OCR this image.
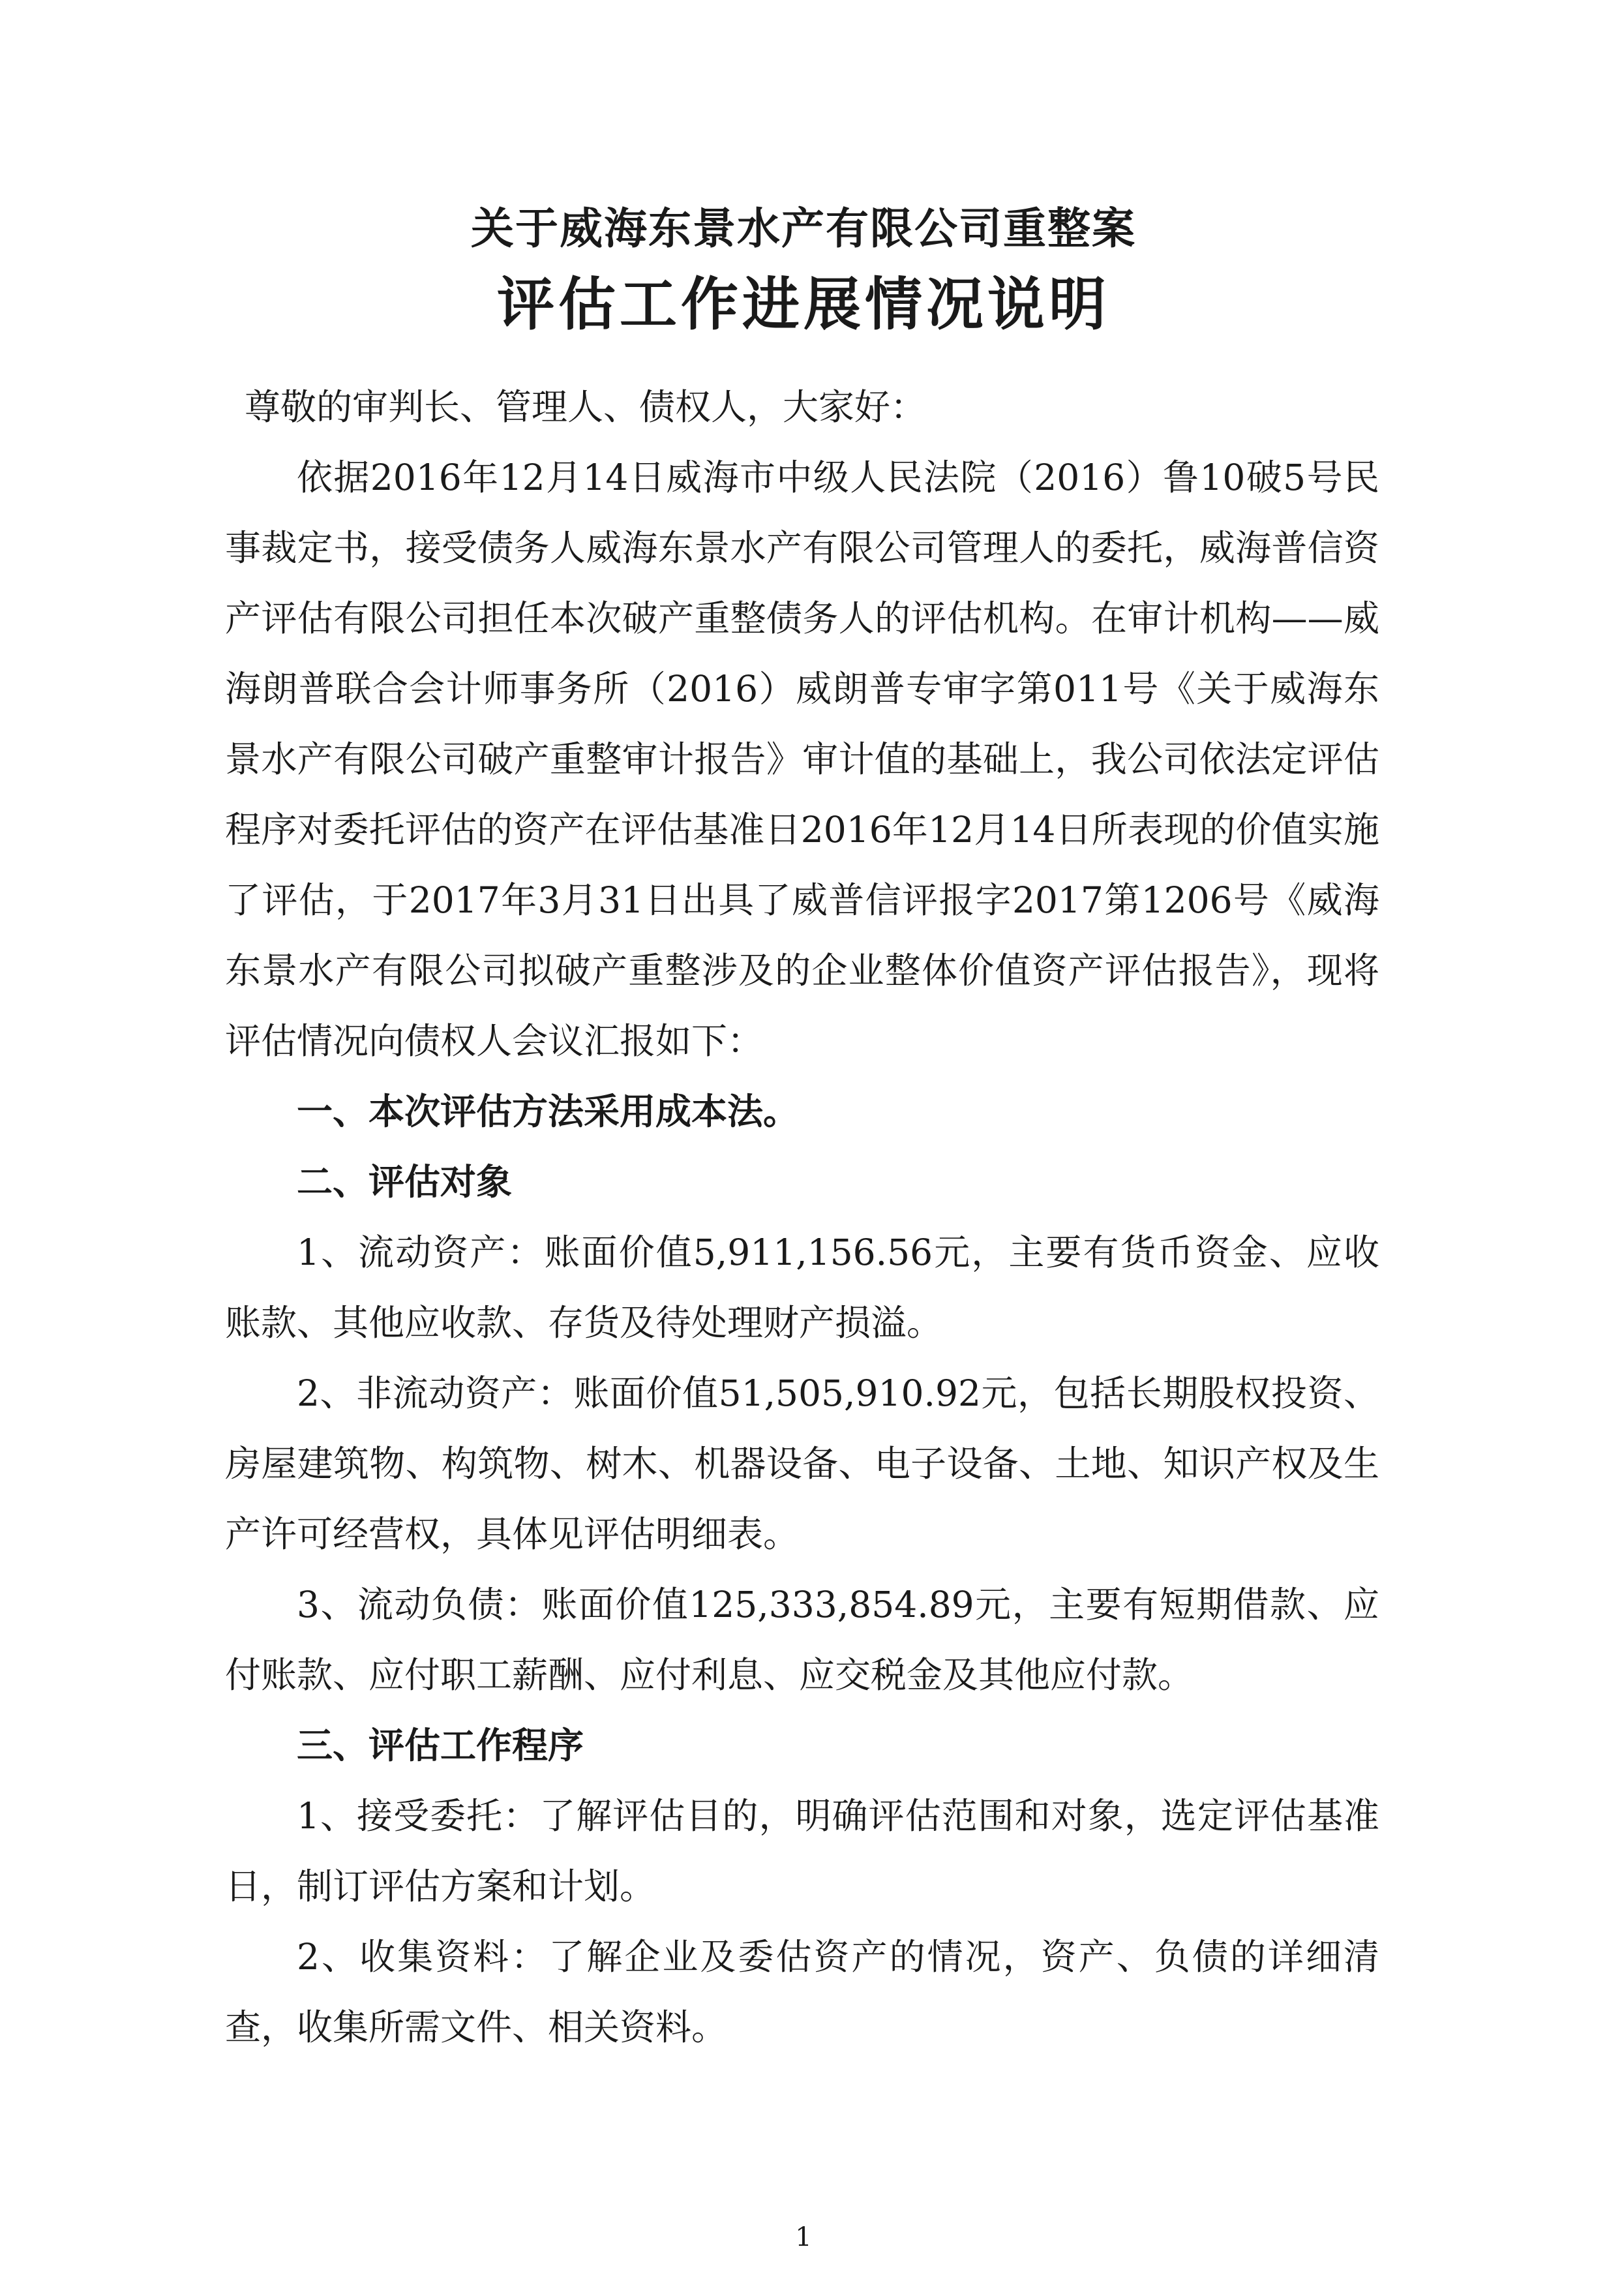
关于威海东景水产有限公司重整案
评估工作进展情况说明

尊敬的审判长、管理人、债权人，大家好：

依据2016年12月14日威海市中级人民法院（2016）鲁10破5号民事裁定书，接受债务人威海东景水产有限公司管理人的委托，威海普信资产评估有限公司担任本次破产重整债务人的评估机构。在审计机构——威海朗普联合会计师事务所（2016）威朗普专审字第011号《关于威海东景水产有限公司破产重整审计报告》审计值的基础上，我公司依法定评估程序对委托评估的资产在评估基准日2016年12月14日所表现的价值实施了评估，于2017年3月31日出具了威普信评报字2017第1206号《威海东景水产有限公司拟破产重整涉及的企业整体价值资产评估报告》，现将评估情况向债权人会议汇报如下：

一、本次评估方法采用成本法。

二、评估对象

1、流动资产：账面价值5,911,156.56元，主要有货币资金、应收账款、其他应收款、存货及待处理财产损溢。

2、非流动资产：账面价值51,505,910.92元，包括长期股权投资、房屋建筑物、构筑物、树木、机器设备、电子设备、土地、知识产权及生产许可经营权，具体见评估明细表。

3、流动负债：账面价值125,333,854.89元，主要有短期借款、应付账款、应付职工薪酬、应付利息、应交税金及其他应付款。

三、评估工作程序

1、接受委托：了解评估目的，明确评估范围和对象，选定评估基准日，制订评估方案和计划。

2、收集资料：了解企业及委估资产的情况，资产、负债的详细清查，收集所需文件、相关资料。

1
